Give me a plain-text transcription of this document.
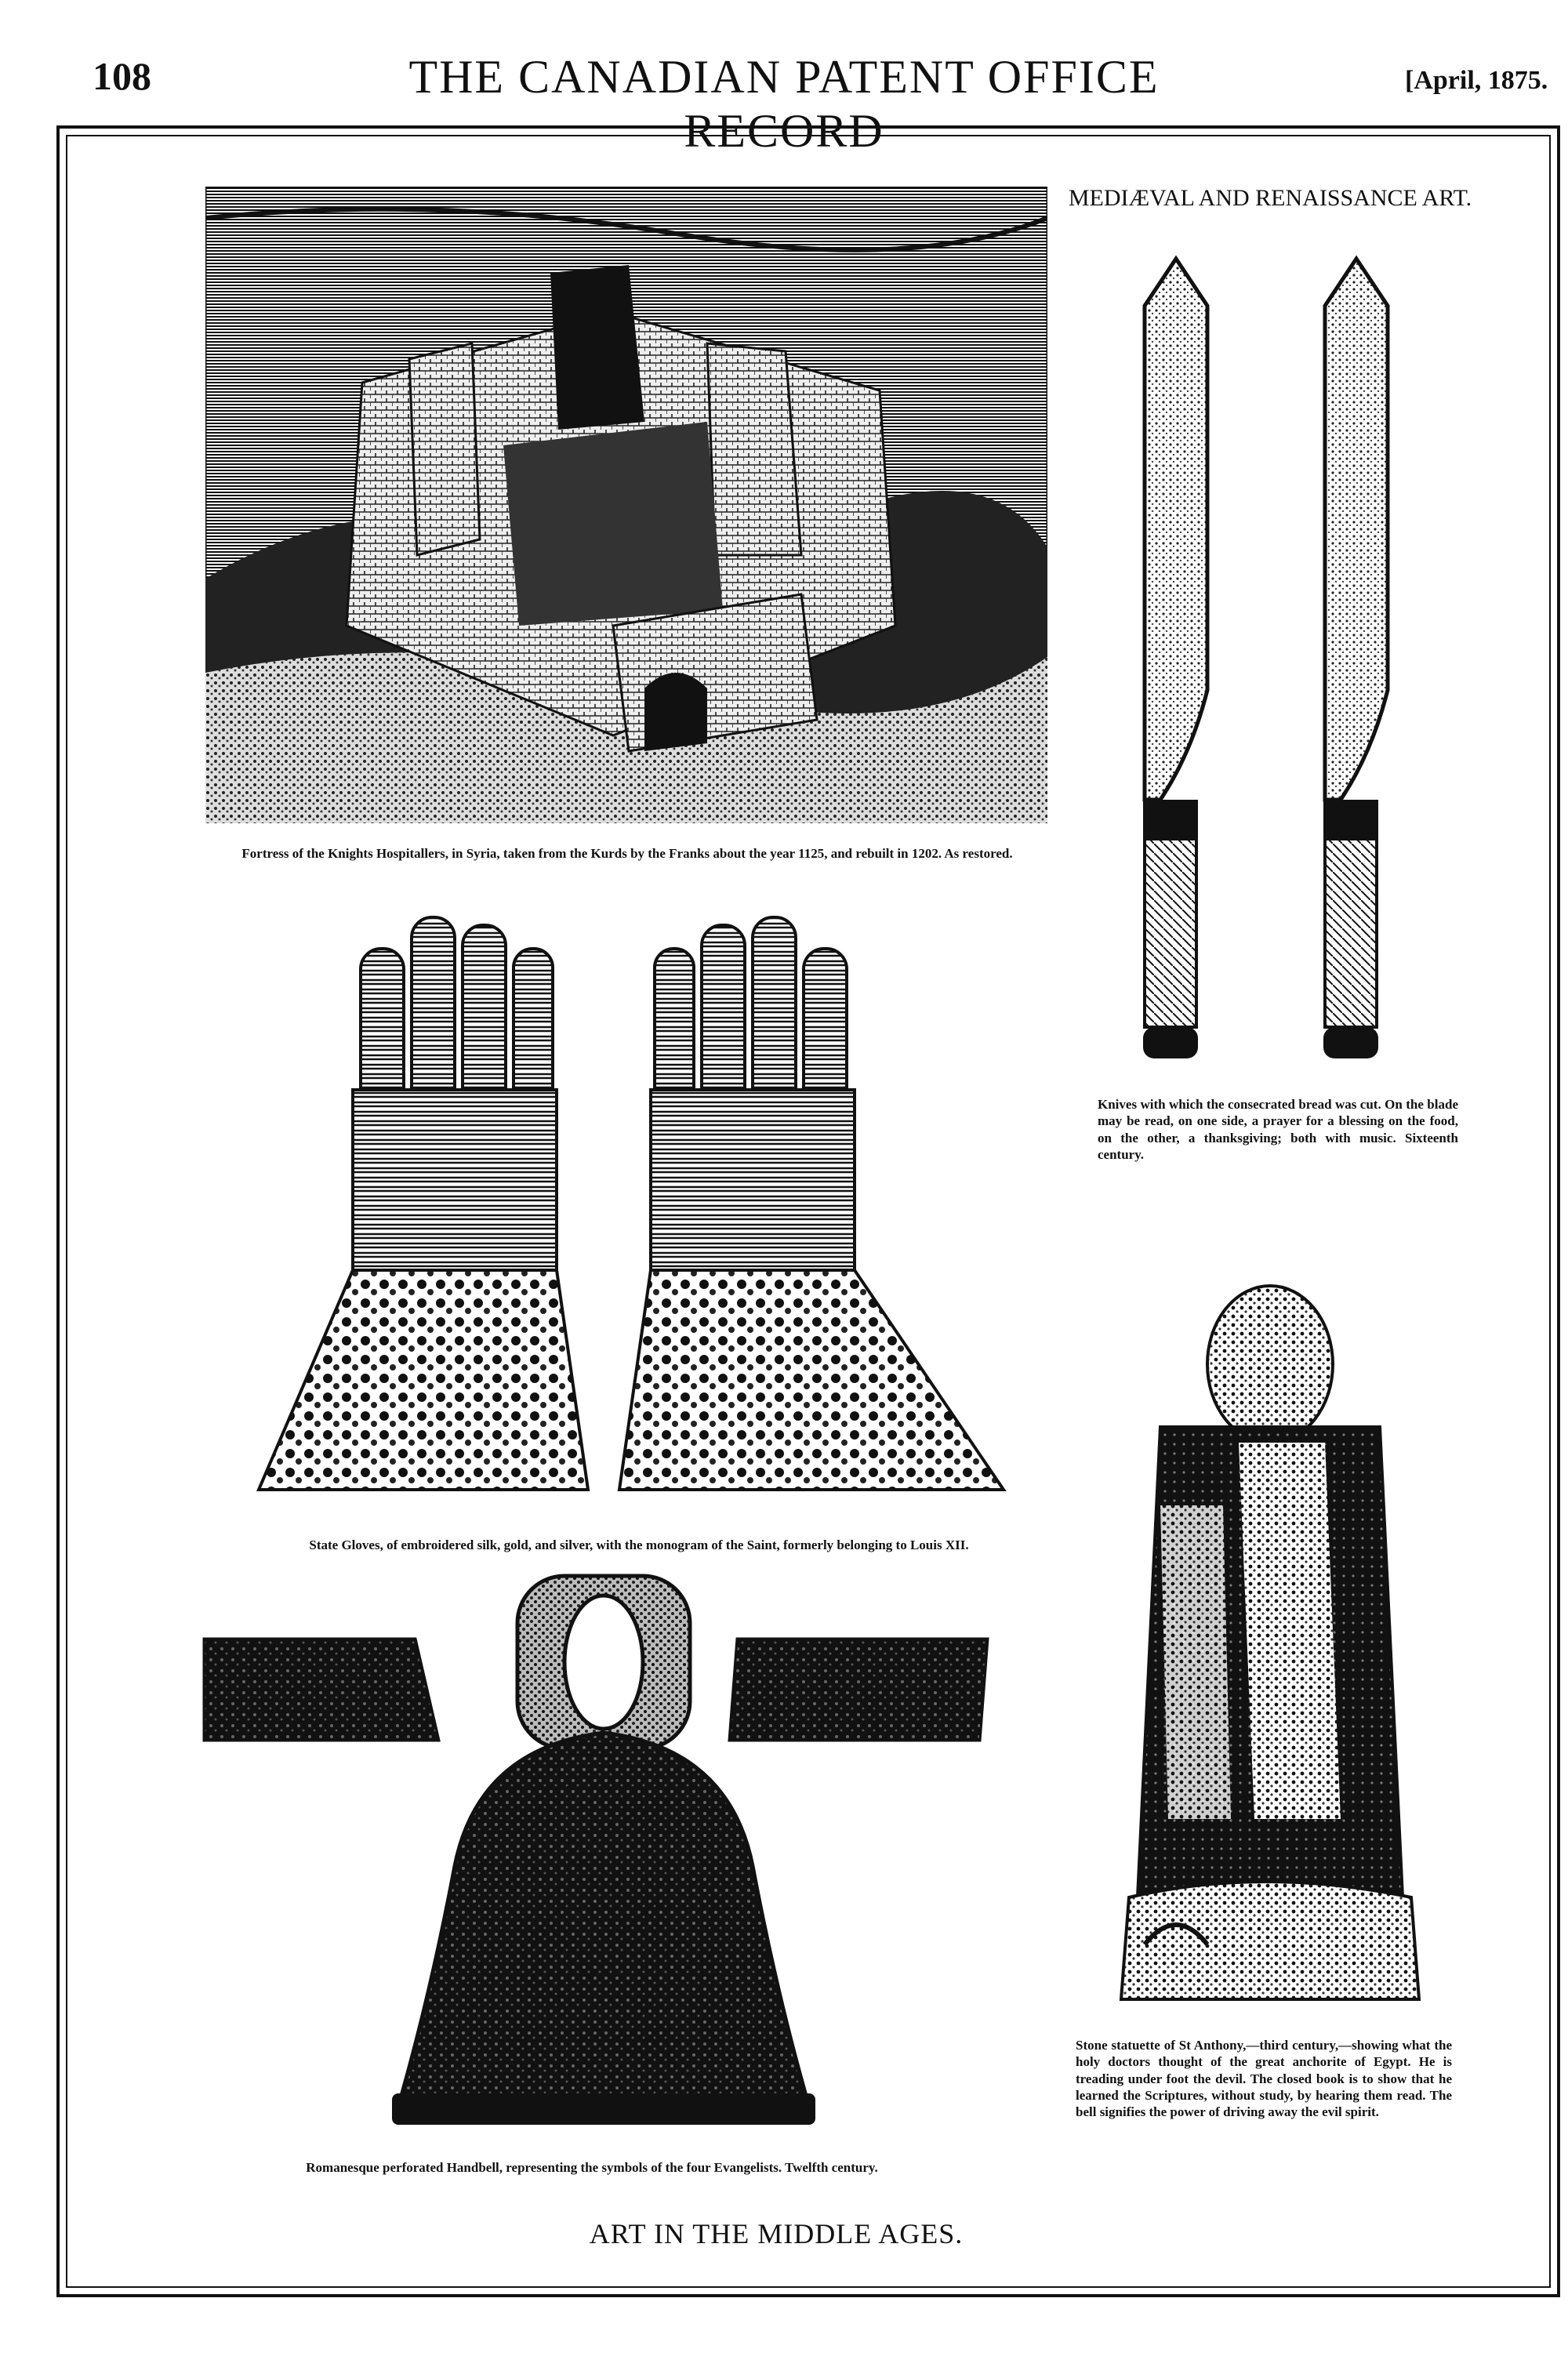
108	THE CANADIAN PATENT OFFICE RECORD
[April, 1875.
Fortress of the Knights Hospitallers, in Syria, taken from the Kurds by the Franks about the year 1125, and rebuilt in 1202. As restored.
MEDIÆVAL AND RENAISSANCE ART.
Knives with which the consecrated bread was cut. On the blade may be read, on one side, a prayer for a blessing on the food, on the other, a thanksgiving; both with music. Sixteenth century.
State Gloves, of embroidered silk, gold, and silver, with the monogram of the Saint, formerly belonging to Louis XII.
Romanesque perforated Handbell, representing the symbols of the four Evangelists. Twelfth century.
Stone statuette of St Anthony,—third century,—showing what the holy doctors thought of the great anchorite of Egypt. He is treading under foot the devil. The closed book is to show that he learned the Scriptures, without study, by hearing them read. The bell signifies the power of driving away the evil spirit.
ART IN THE MIDDLE AGES.
